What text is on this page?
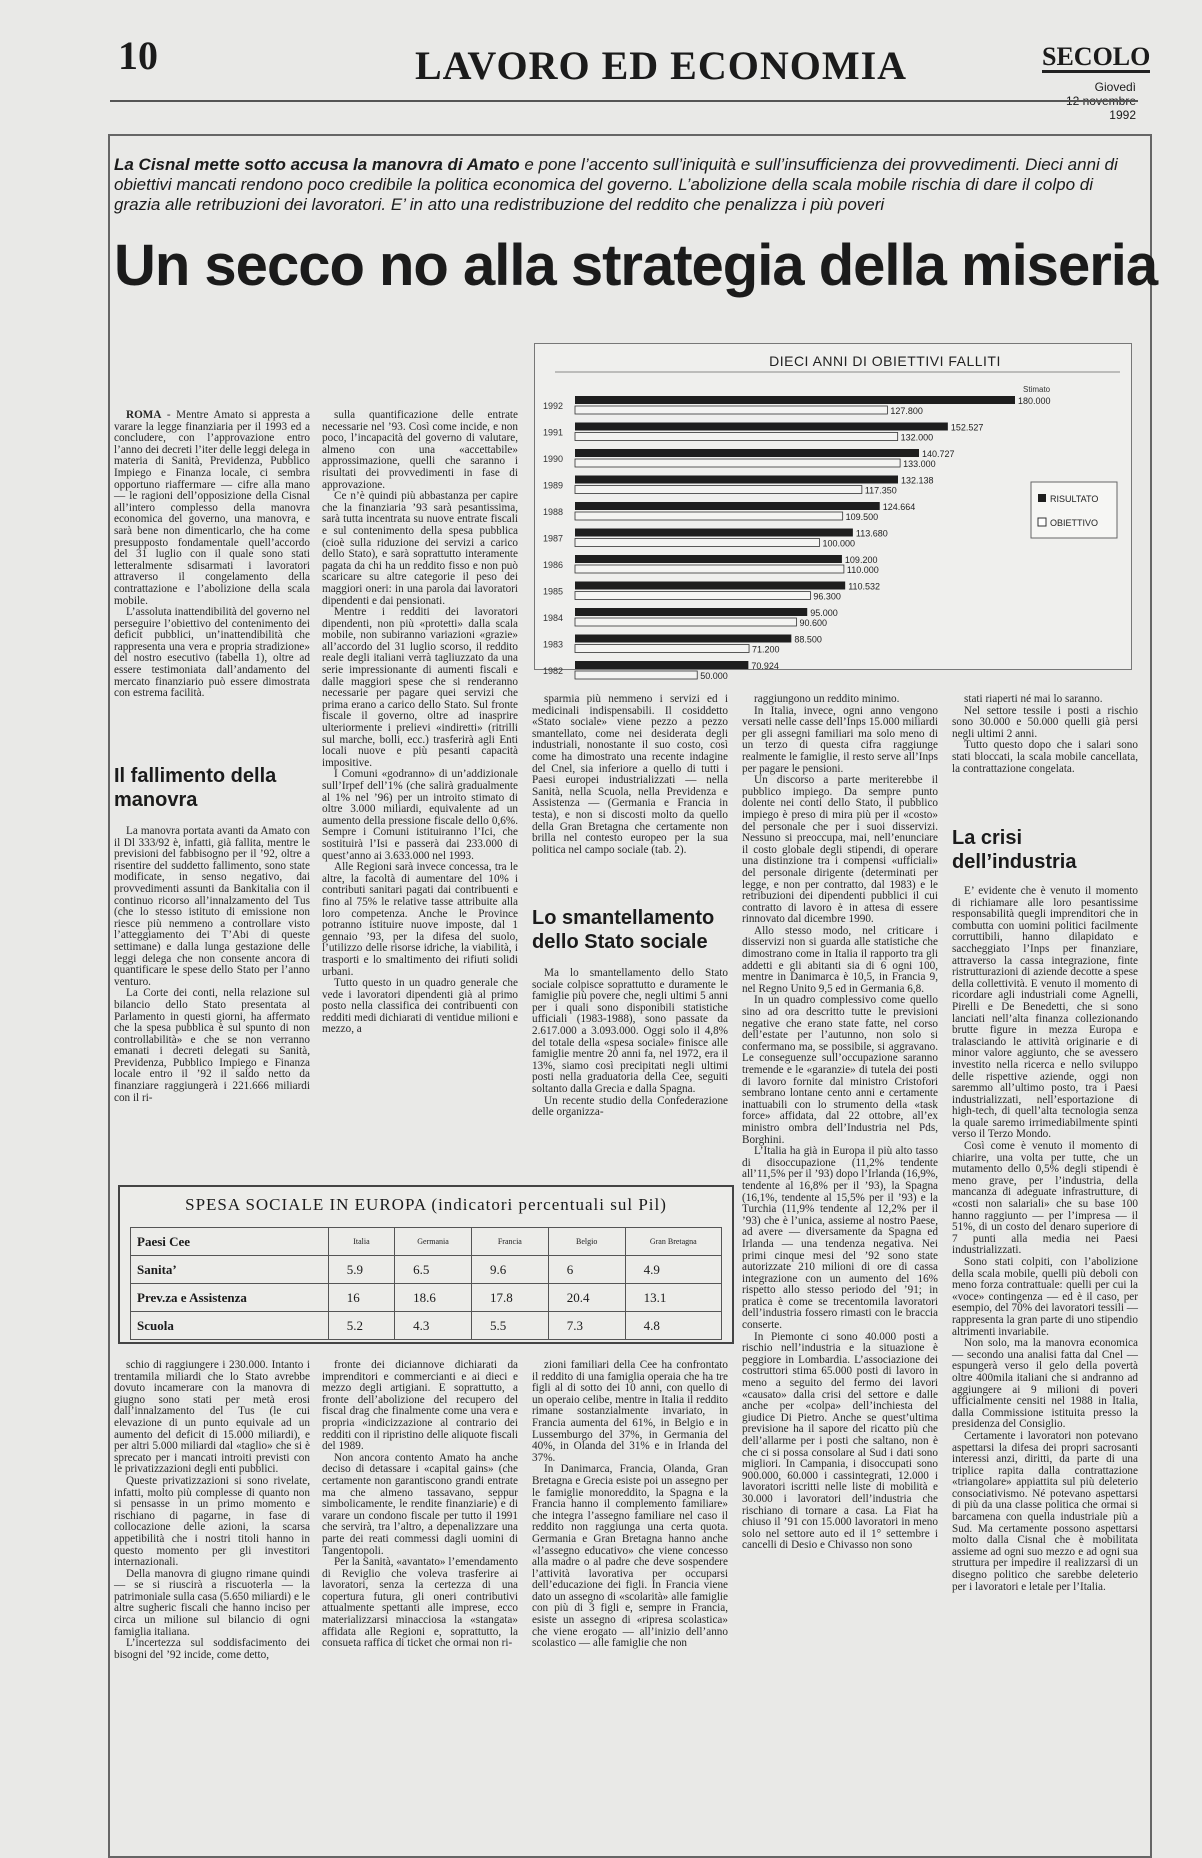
10	LAVORO ED ECONOMIA	SECOLO
Giovedì
1992
La Cisnal mette sotto accusa la manovra di Amato e pone l’accento sull’iniquità e sull’insufficienza dei provvedimenti. Dieci anni di obiettivi mancati rendono poco credibile la politica economica del governo. L’abolizione della scala mobile rischia di dare il colpo di grazia alle retribuzioni dei lavoratori. E’ in atto una redistribuzione del reddito che penalizza i più poveri
Un secco no alla strategia della miseria

ROMA - Mentre Amato si appresta a varare la legge finanziaria per il 1993 ed a concludere, con l’approvazione entro l’anno dei decreti l’iter delle leggi delega in materia di Sanità, Previdenza, Pubblico Impiego e Finanza locale, ci sembra opportuno riaffermare — cifre alla mano — le ragioni dell’opposizione della Cisnal all’intero complesso della manovra economica del governo, una manovra, e sarà bene non dimenticarlo, che ha come presupposto fondamentale quell’accordo del 31 luglio con il quale sono stati letteralmente sdisarmati i lavoratori attraverso il congelamento della contrattazione e l’abolizione della scala mobile.

L’assoluta inattendibilità del governo nel perseguire l’obiettivo del contenimento dei deficit pubblici, un’inattendibilità che rappresenta una vera e propria stradizione» del nostro esecutivo (tabella 1), oltre ad essere testimoniata dall’andamento del mercato finanziario può essere dimostrata con estrema facilità.

Il fallimento della manovra

La manovra portata avanti da Amato con il Dl 333/92 è, infatti, già fallita, mentre le previsioni del fabbisogno per il ’92, oltre a risentire del suddetto fallimento, sono state modificate, in senso negativo, dai provvedimenti assunti da Bankitalia con il continuo ricorso all’innalzamento del Tus (che lo stesso istituto di emissione non riesce più nemmeno a controllare visto l’atteggiamento dei T’Abi di queste settimane) e dalla lunga gestazione delle leggi delega che non consente ancora di quantificare le spese dello Stato per l’anno venturo.

La Corte dei conti, nella relazione sul bilancio dello Stato presentata al Parlamento in questi giorni, ha affermato che la spesa pubblica è sul spunto di non controllabilità» e che se non verranno emanati i decreti delegati su Sanità, Previdenza, Pubblico Impiego e Finanza locale entro il ’92 il saldo netto da finanziare raggiungerà i 221.666 miliardi con il ri-

sulla quantificazione delle entrate necessarie nel ’93. Così come incide, e non poco, l’incapacità del governo di valutare, almeno con una «accettabile» approssimazione, quelli che saranno i risultati dei provvedimenti in fase di approvazione.

Ce n’è quindi più abbastanza per capire che la finanziaria ’93 sarà pesantissima, sarà tutta incentrata su nuove entrate fiscali e sul contenimento della spesa pubblica (cioè sulla riduzione dei servizi a carico dello Stato), e sarà soprattutto interamente pagata da chi ha un reddito fisso e non può scaricare su altre categorie il peso dei maggiori oneri: in una parola dai lavoratori dipendenti e dai pensionati.

Mentre i redditi dei lavoratori dipendenti, non più «protetti» dalla scala mobile, non subiranno variazioni «grazie» all’accordo del 31 luglio scorso, il reddito reale degli italiani verrà tagliuzzato da una serie impressionante di aumenti fiscali e dalle maggiori spese che si renderanno necessarie per pagare quei servizi che prima erano a carico dello Stato. Sul fronte fiscale il governo, oltre ad inasprire ulteriormente i prelievi «indiretti» (ritrilli sul marche, bolli, ecc.) trasferirà agli Enti locali nuove e più pesanti capacità impositive.

I Comuni «godranno» di un’addizionale sull’Irpef dell’1% (che salirà gradualmente al 1% nel ’96) per un introito stimato di oltre 3.000 miliardi, equivalente ad un aumento della pressione fiscale dello 0,6%. Sempre i Comuni istituiranno l’Ici, che sostituirà l’Isi e passerà dai 233.000 di quest’anno ai 3.633.000 nel 1993.

Alle Regioni sarà invece concessa, tra le altre, la facoltà di aumentare del 10% i contributi sanitari pagati dai contribuenti e fino al 75% le relative tasse attribuite alla loro competenza. Anche le Province potranno istituire nuove imposte, dal 1 gennaio ’93, per la difesa del suolo, l’utilizzo delle risorse idriche, la viabilità, i trasporti e lo smaltimento dei rifiuti solidi urbani.

Tutto questo in un quadro generale che vede i lavoratori dipendenti già al primo posto nella classifica dei contribuenti con redditi medi dichiarati di ventidue milioni e mezzo, a

DIECI ANNI DI OBIETTIVI FALLITI
1992	180.000
127.800
1991	152.527
132.000
1990	140.727
133.000
1989	132.138
117.350
1988	124.664
109.500
1987	113.680
100.000
1986	109.200
110.000
1985	110.532
96.300
1984	95.000
90.600
1983	88.500
71.200
1982	70.924
50.000
Stimato
RISULTATO
OBIETTIVO

sparmia più nemmeno i servizi ed i medicinali indispensabili. Il cosiddetto «Stato sociale» viene pezzo a pezzo smantellato, come nei desiderata degli industriali, nonostante il suo costo, così come ha dimostrato una recente indagine del Cnel, sia inferiore a quello di tutti i Paesi europei industrializzati — nella Sanità, nella Scuola, nella Previdenza e Assistenza — (Germania e Francia in testa), e non si discosti molto da quello della Gran Bretagna che certamente non brilla nel contesto europeo per la sua politica nel campo sociale (tab. 2).

Lo smantellamento dello Stato sociale

Ma lo smantellamento dello Stato sociale colpisce soprattutto e duramente le famiglie più povere che, negli ultimi 5 anni per i quali sono disponibili statistiche ufficiali (1983-1988), sono passate da 2.617.000 a 3.093.000. Oggi solo il 4,8% del totale della «spesa sociale» finisce alle famiglie mentre 20 anni fa, nel 1972, era il 13%, siamo così precipitati negli ultimi posti nella graduatoria della Cee, seguiti soltanto dalla Grecia e dalla Spagna.

Un recente studio della Confederazione delle organizza-

raggiungono un reddito minimo.

In Italia, invece, ogni anno vengono versati nelle casse dell’Inps 15.000 miliardi per gli assegni familiari ma solo meno di un terzo di questa cifra raggiunge realmente le famiglie, il resto serve all’Inps per pagare le pensioni.

Un discorso a parte meriterebbe il pubblico impiego. Da sempre punto dolente nei conti dello Stato, il pubblico impiego è preso di mira più per il «costo» del personale che per i suoi disservizi. Nessuno si preoccupa, mai, nell’enunciare il costo globale degli stipendi, di operare una distinzione tra i compensi «ufficiali» del personale dirigente (determinati per legge, e non per contratto, dal 1983) e le retribuzioni dei dipendenti pubblici il cui contratto di lavoro è in attesa di essere rinnovato dal dicembre 1990.

Allo stesso modo, nel criticare i disservizi non si guarda alle statistiche che dimostrano come in Italia il rapporto tra gli addetti e gli abitanti sia di 6 ogni 100, mentre in Danimarca è 10,5, in Francia 9, nel Regno Unito 9,5 ed in Germania 6,8.

In un quadro complessivo come quello sino ad ora descritto tutte le previsioni negative che erano state fatte, nel corso dell’estate per l’autunno, non solo si confermano ma, se possibile, si aggravano. Le conseguenze sull’occupazione saranno tremende e le «garanzie» di tutela dei posti di lavoro fornite dal ministro Cristofori sembrano lontane cento anni e certamente inattuabili con lo strumento della «task force» affidata, dal 22 ottobre, all’ex ministro ombra dell’Industria nel Pds, Borghini.

L’Italia ha già in Europa il più alto tasso di disoccupazione (11,2% tendente all’11,5% per il ’93) dopo l’Irlanda (16,9%, tendente al 16,8% per il ’93), la Spagna (16,1%, tendente al 15,5% per il ’93) e la Turchia (11,9% tendente al 12,2% per il ’93) che è l’unica, assieme al nostro Paese, ad avere — diversamente da Spagna ed Irlanda — una tendenza negativa. Nei primi cinque mesi del ’92 sono state autorizzate 210 milioni di ore di cassa integrazione con un aumento del 16% rispetto allo stesso periodo del ’91; in pratica è come se trecentomila lavoratori dell’industria fossero rimasti con le braccia conserte.

In Piemonte ci sono 40.000 posti a rischio nell’industria e la situazione è peggiore in Lombardia. L’associazione dei costruttori stima 65.000 posti di lavoro in meno a seguito del fermo dei lavori «causato» dalla crisi del settore e dalle anche per «colpa» dell’inchiesta del giudice Di Pietro. Anche se quest’ultima previsione ha il sapore del ricatto più che dell’allarme per i posti che saltano, non è che ci si possa consolare al Sud i dati sono migliori. In Campania, i disoccupati sono 900.000, 60.000 i cassintegrati, 12.000 i lavoratori iscritti nelle liste di mobilità e 30.000 i lavoratori dell’industria che rischiano di tornare a casa. La Fiat ha chiuso il ’91 con 15.000 lavoratori in meno solo nel settore auto ed il 1° settembre i cancelli di Desio e Chivasso non sono

stati riaperti né mai lo saranno.

Nel settore tessile i posti a rischio sono 30.000 e 50.000 quelli già persi negli ultimi 2 anni.

Tutto questo dopo che i salari sono stati bloccati, la scala mobile cancellata, la contrattazione congelata.

La crisi dell’industria

E’ evidente che è venuto il momento di richiamare alle loro pesantissime responsabilità quegli imprenditori che in combutta con uomini politici facilmente corruttibili, hanno dilapidato e saccheggiato l’Inps per finanziare, attraverso la cassa integrazione, finte ristrutturazioni di aziende decotte a spese della collettività. E venuto il momento di ricordare agli industriali come Agnelli, Pirelli e De Benedetti, che si sono lanciati nell’alta finanza collezionando brutte figure in mezza Europa e tralasciando le attività originarie e di minor valore aggiunto, che se avessero investito nella ricerca e nello sviluppo delle rispettive aziende, oggi non saremmo all’ultimo posto, tra i Paesi industrializzati, nell’esportazione di high-tech, di quell’alta tecnologia senza la quale saremo irrimediabilmente spinti verso il Terzo Mondo.

Così come è venuto il momento di chiarire, una volta per tutte, che un mutamento dello 0,5% degli stipendi è meno grave, per l’industria, della mancanza di adeguate infrastrutture, di «costi non salariali» che su base 100 hanno raggiunto — per l’impresa — il 51%, di un costo del denaro superiore di 7 punti alla media nei Paesi industrializzati.

Sono stati colpiti, con l’abolizione della scala mobile, quelli più deboli con meno forza contrattuale: quelli per cui la «voce» contingenza — ed è il caso, per esempio, del 70% dei lavoratori tessili — rappresenta la gran parte di uno stipendio altrimenti invariabile.

Non solo, ma la manovra economica — secondo una analisi fatta dal Cnel — espungerà verso il gelo della povertà oltre 400mila italiani che si andranno ad aggiungere ai 9 milioni di poveri ufficialmente censiti nel 1988 in Italia, dalla Commissione istituita presso la presidenza del Consiglio.

Certamente i lavoratori non potevano aspettarsi la difesa dei propri sacrosanti interessi anzi, diritti, da parte di una triplice rapita dalla contrattazione «triangolare» appiattita sul più deleterio consociativismo. Né potevano aspettarsi di più da una classe politica che ormai si barcamena con quella industriale più a Sud. Ma certamente possono aspettarsi molto dalla Cisnal che è mobilitata assieme ad ogni suo mezzo e ad ogni sua struttura per impedire il realizzarsi di un disegno politico che sarebbe deleterio per i lavoratori e letale per l’Italia.

SPESA SOCIALE IN EUROPA (indicatori percentuali sul Pil)
Paesi Cee	Italia	Germania	Francia	Belgio	Gran Bretagna
Sanita’	5.9	6.5	9.6	6	4.9
Prev.za e Assistenza	16	18.6	17.8	20.4	13.1
Scuola	5.2	4.3	5.5	7.3	4.8

schio di raggiungere i 230.000. Intanto i trentamila miliardi che lo Stato avrebbe dovuto incamerare con la manovra di giugno sono stati per metà erosi dall’innalzamento del Tus (le cui elevazione di un punto equivale ad un aumento del deficit di 15.000 miliardi), e per altri 5.000 miliardi dal «taglio» che si è sprecato per i mancati introiti previsti con le privatizzazioni degli enti pubblici.

Queste privatizzazioni si sono rivelate, infatti, molto più complesse di quanto non si pensasse in un primo momento e rischiano di pagarne, in fase di collocazione delle azioni, la scarsa appetibilità che i nostri titoli hanno in questo momento per gli investitori internazionali.

Della manovra di giugno rimane quindi — se si riuscirà a riscuoterla — la patrimoniale sulla casa (5.650 miliardi) e le altre sugheric fiscali che hanno inciso per circa un milione sul bilancio di ogni famiglia italiana.

L’incertezza sul soddisfacimento dei bisogni del ’92 incide, come detto,

fronte dei diciannove dichiarati da imprenditori e commercianti e ai dieci e mezzo degli artigiani. E soprattutto, a fronte dell’abolizione del recupero del fiscal drag che finalmente come una vera e propria «indicizzazione al contrario dei redditi con il ripristino delle aliquote fiscali del 1989.

Non ancora contento Amato ha anche deciso di detassare i «capital gains» (che certamente non garantiscono grandi entrate ma che almeno tassavano, seppur simbolicamente, le rendite finanziarie) e di varare un condono fiscale per tutto il 1991 che servirà, tra l’altro, a depenalizzare una parte dei reati commessi dagli uomini di Tangentopoli.

Per la Sanità, «avantato» l’emendamento di Reviglio che voleva trasferire ai lavoratori, senza la certezza di una copertura futura, gli oneri contributivi attualmente spettanti alle imprese, ecco materializzarsi minacciosa la «stangata» affidata alle Regioni e, soprattutto, la consueta raffica di ticket che ormai non ri-

zioni familiari della Cee ha confrontato il reddito di una famiglia operaia che ha tre figli al di sotto dei 10 anni, con quello di un operaio celibe, mentre in Italia il reddito rimane sostanzialmente invariato, in Francia aumenta del 61%, in Belgio e in Lussemburgo del 37%, in Germania del 40%, in Olanda del 31% e in Irlanda del 37%.

In Danimarca, Francia, Olanda, Gran Bretagna e Grecia esiste poi un assegno per le famiglie monoreddito, la Spagna e la Francia hanno il complemento familiare» che integra l’assegno familiare nel caso il reddito non raggiunga una certa quota. Germania e Gran Bretagna hanno anche «l’assegno educativo» che viene concesso alla madre o al padre che deve sospendere l’attività lavorativa per occuparsi dell’educazione dei figli. In Francia viene dato un assegno di «scolarità» alle famiglie con più di 3 figli e, sempre in Francia, esiste un assegno di «ripresa scolastica» che viene erogato — all’inizio dell’anno scolastico — alle famiglie che non
